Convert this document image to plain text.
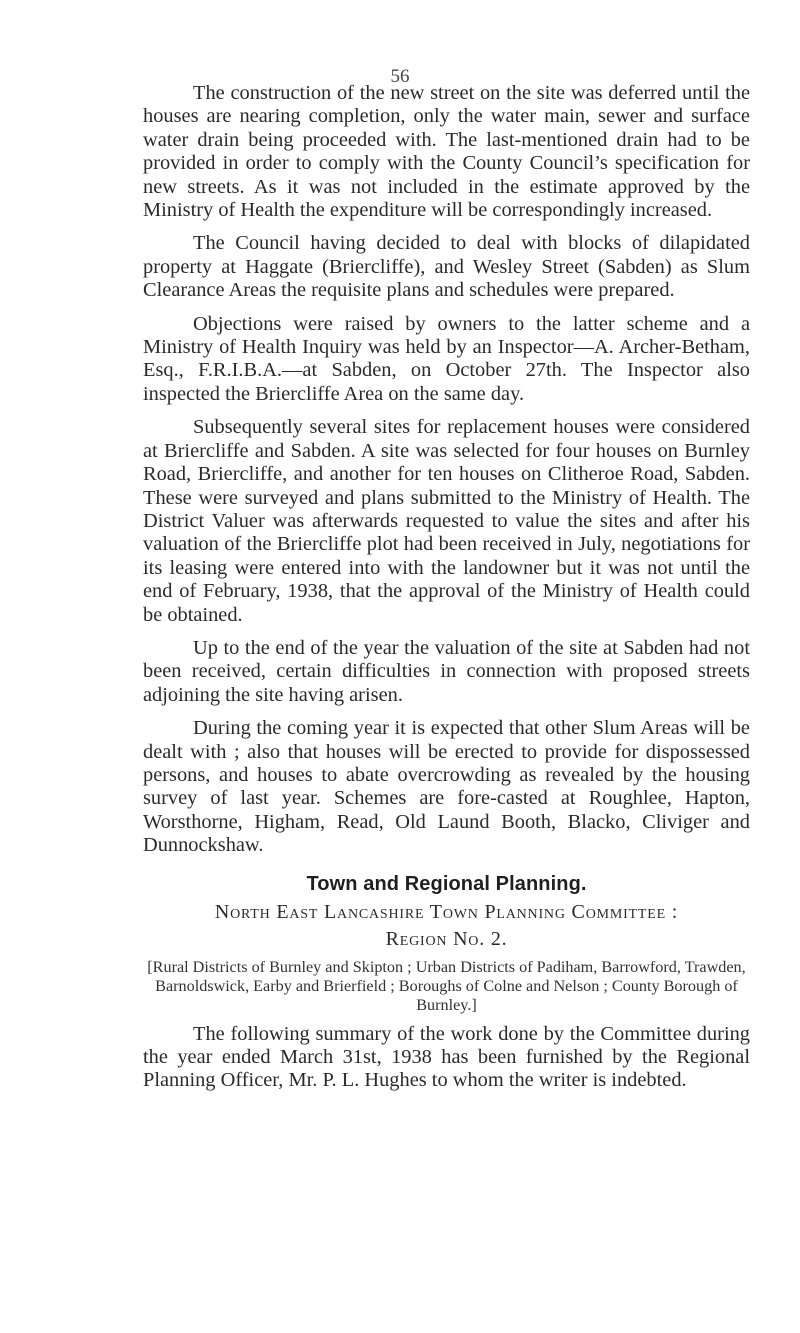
56

The construction of the new street on the site was deferred until the houses are nearing completion, only the water main, sewer and surface water drain being proceeded with. The last-mentioned drain had to be provided in order to comply with the County Council’s specification for new streets. As it was not included in the estimate approved by the Ministry of Health the expenditure will be correspondingly increased.

The Council having decided to deal with blocks of dilapidated property at Haggate (Briercliffe), and Wesley Street (Sabden) as Slum Clearance Areas the requisite plans and schedules were prepared.

Objections were raised by owners to the latter scheme and a Ministry of Health Inquiry was held by an Inspector—A. Archer-Betham, Esq., F.R.I.B.A.—at Sabden, on October 27th. The Inspector also inspected the Briercliffe Area on the same day.

Subsequently several sites for replacement houses were considered at Briercliffe and Sabden. A site was selected for four houses on Burnley Road, Briercliffe, and another for ten houses on Clitheroe Road, Sabden. These were surveyed and plans submitted to the Ministry of Health. The District Valuer was afterwards requested to value the sites and after his valuation of the Briercliffe plot had been received in July, negotiations for its leasing were entered into with the landowner but it was not until the end of February, 1938, that the approval of the Ministry of Health could be obtained.

Up to the end of the year the valuation of the site at Sabden had not been received, certain difficulties in connection with proposed streets adjoining the site having arisen.

During the coming year it is expected that other Slum Areas will be dealt with ; also that houses will be erected to provide for dispossessed persons, and houses to abate overcrowding as revealed by the housing survey of last year. Schemes are fore-casted at Roughlee, Hapton, Worsthorne, Higham, Read, Old Laund Booth, Blacko, Cliviger and Dunnockshaw.

Town and Regional Planning.
North East Lancashire Town Planning Committee :
Region No. 2.

[Rural Districts of Burnley and Skipton ; Urban Districts of Padiham, Barrowford, Trawden, Barnoldswick, Earby and Brierfield ; Boroughs of Colne and Nelson ; County Borough of Burnley.]

The following summary of the work done by the Committee during the year ended March 31st, 1938 has been furnished by the Regional Planning Officer, Mr. P. L. Hughes to whom the writer is indebted.
